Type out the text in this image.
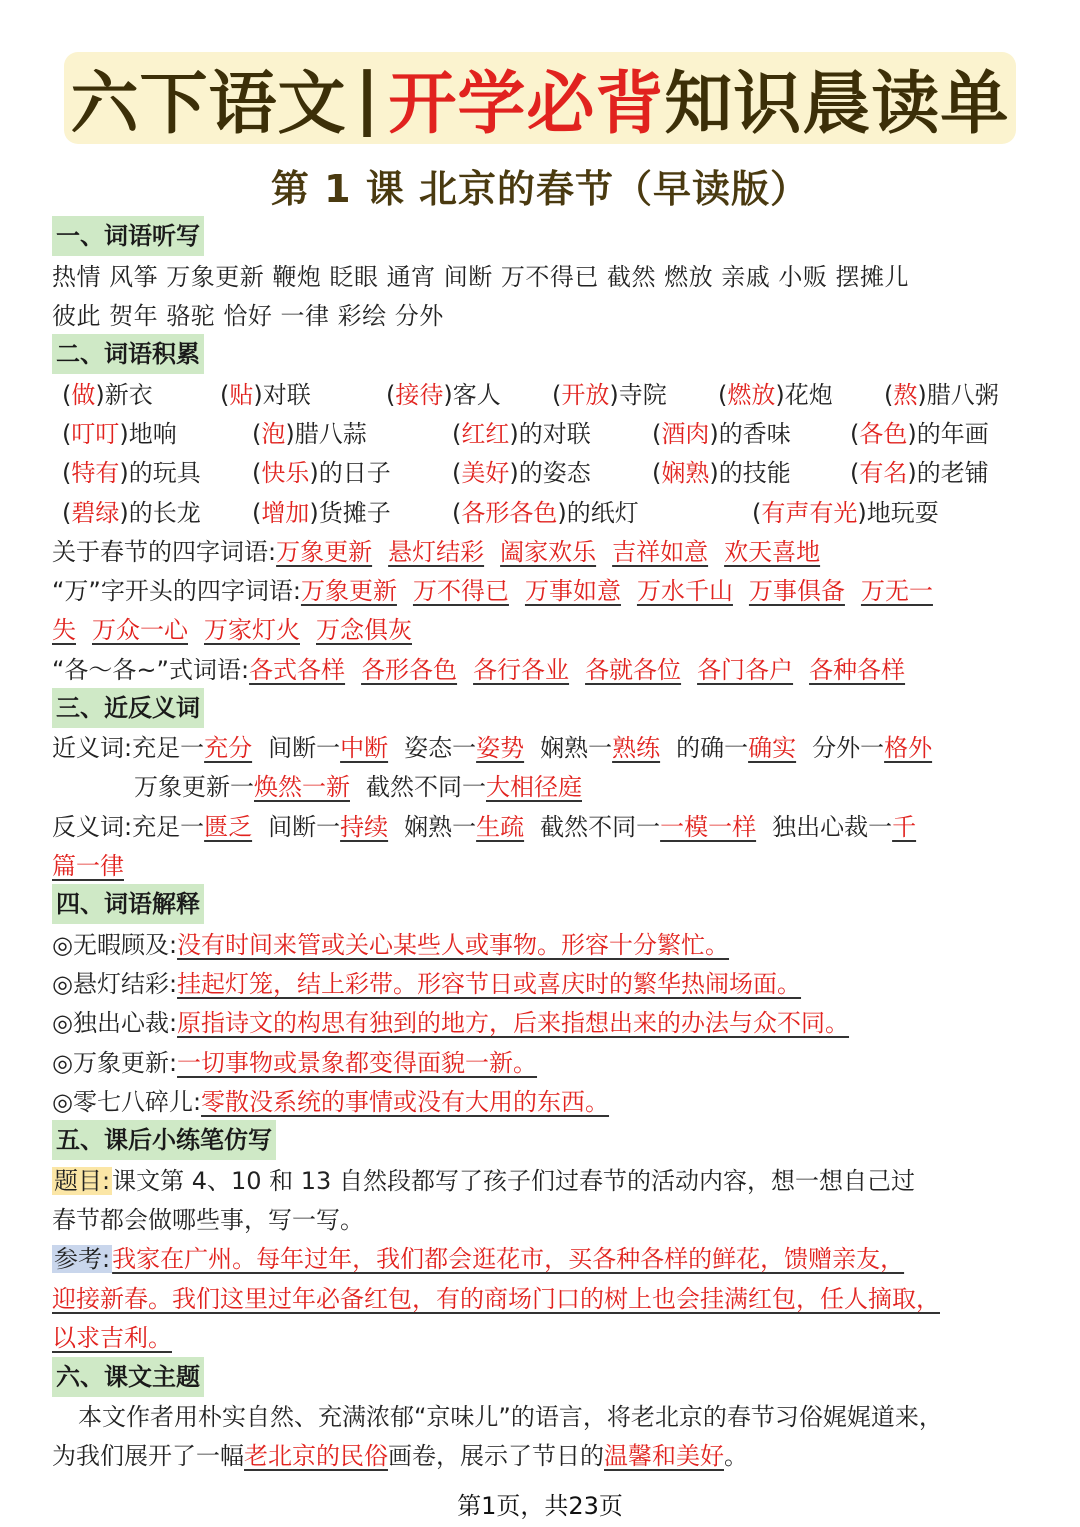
六下语文 | 开学必背 知识晨读单
第 1 课 北京的春节（早读版）
一、词语听写
热情 风筝 万象更新 鞭炮 眨眼 通宵 间断 万不得已 截然 燃放 亲戚 小贩 摆摊儿
彼此 贺年 骆驼 恰好 一律 彩绘 分外
二、词语积累
(做)新衣	(贴)对联	(接待)客人 (开放)寺院 (燃放)花炮 (熬)腊八粥
(叮叮)地响	(泡)腊八蒜	(红红)的对联	(酒肉)的香味 (各色)的年画
(特有)的玩具 (快乐)的日子	(美好)的姿态	(娴熟)的技能 (有名)的老铺
(碧绿)的长龙 (增加)货摊子	(各形各色)的纸灯	(有声有光)地玩耍
关于春节的四字词语:万象更新 悬灯结彩 阖家欢乐 吉祥如意 欢天喜地
“万”字开头的四字词语:万象更新 万不得已 万事如意 万水千山 万事俱备 万无一
失 万众一心 万家灯火 万念俱灰
“各～各~”式词语:各式各样 各形各色 各行各业 各就各位 各门各户 各种各样
三、近反义词
近义词:充足一充分 间断一中断 姿态一姿势 娴熟一熟练 的确一确实 分外一格外
万象更新一焕然一新 截然不同一大相径庭
反义词:充足一匮乏 间断一持续 娴熟一生疏 截然不同一一模一样 独出心裁一千
篇一律
四、词语解释
◎无暇顾及:没有时间来管或关心某些人或事物。形容十分繁忙。
◎悬灯结彩:挂起灯笼，结上彩带。形容节日或喜庆时的繁华热闹场面。
◎独出心裁:原指诗文的构思有独到的地方，后来指想出来的办法与众不同。
◎万象更新:一切事物或景象都变得面貌一新。
◎零七八碎儿:零散没系统的事情或没有大用的东西。
五、课后小练笔仿写
题目:课文第 4、10 和 13 自然段都写了孩子们过春节的活动内容，想一想自己过
春节都会做哪些事，写一写。
参考:我家在广州。每年过年，我们都会逛花市，买各种各样的鲜花，馈赠亲友，
迎接新春。我们这里过年必备红包，有的商场门口的树上也会挂满红包，任人摘取，
以求吉利。
六、课文主题
本文作者用朴实自然、充满浓郁“京味儿”的语言，将老北京的春节习俗娓娓道来，
为我们展开了一幅老北京的民俗画卷，展示了节日的温馨和美好。
第1页，共23页
